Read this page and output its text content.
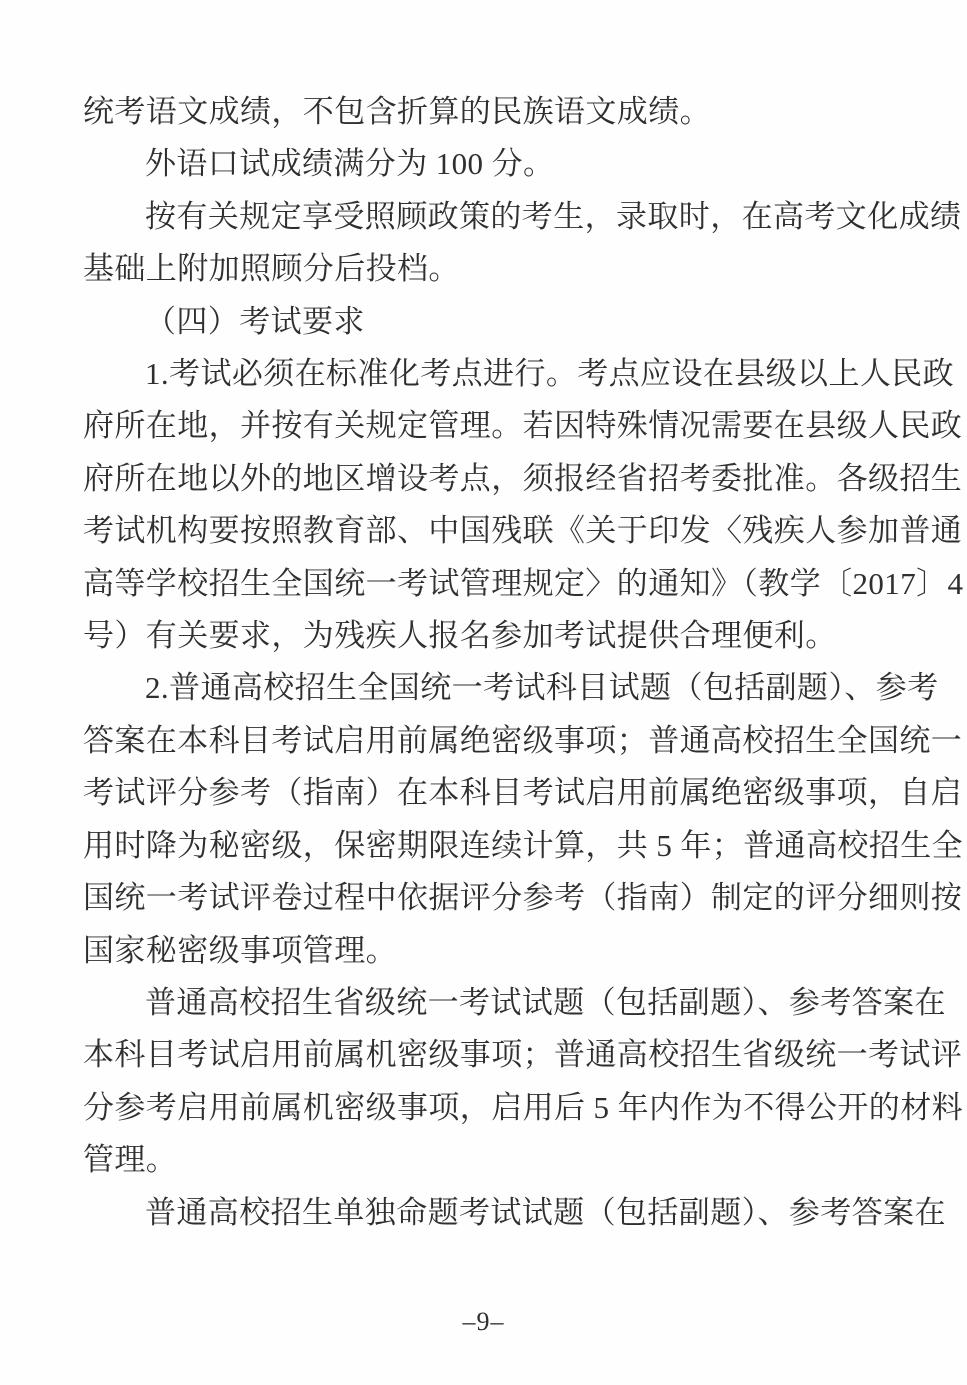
统考语文成绩，不包含折算的民族语文成绩。
外语口试成绩满分为 100 分。
按有关规定享受照顾政策的考生，录取时，在高考文化成绩
基础上附加照顾分后投档。
（四）考试要求
1.考试必须在标准化考点进行。考点应设在县级以上人民政
府所在地，并按有关规定管理。若因特殊情况需要在县级人民政
府所在地以外的地区增设考点，须报经省招考委批准。各级招生
考试机构要按照教育部、中国残联《关于印发〈残疾人参加普通
高等学校招生全国统一考试管理规定〉的通知》（教学〔2017〕4
号）有关要求，为残疾人报名参加考试提供合理便利。
2.普通高校招生全国统一考试科目试题（包括副题）、参考
答案在本科目考试启用前属绝密级事项；普通高校招生全国统一
考试评分参考（指南）在本科目考试启用前属绝密级事项，自启
用时降为秘密级，保密期限连续计算，共 5 年；普通高校招生全
国统一考试评卷过程中依据评分参考（指南）制定的评分细则按
国家秘密级事项管理。
普通高校招生省级统一考试试题（包括副题）、参考答案在
本科目考试启用前属机密级事项；普通高校招生省级统一考试评
分参考启用前属机密级事项，启用后 5 年内作为不得公开的材料
管理。
普通高校招生单独命题考试试题（包括副题）、参考答案在
–9–
